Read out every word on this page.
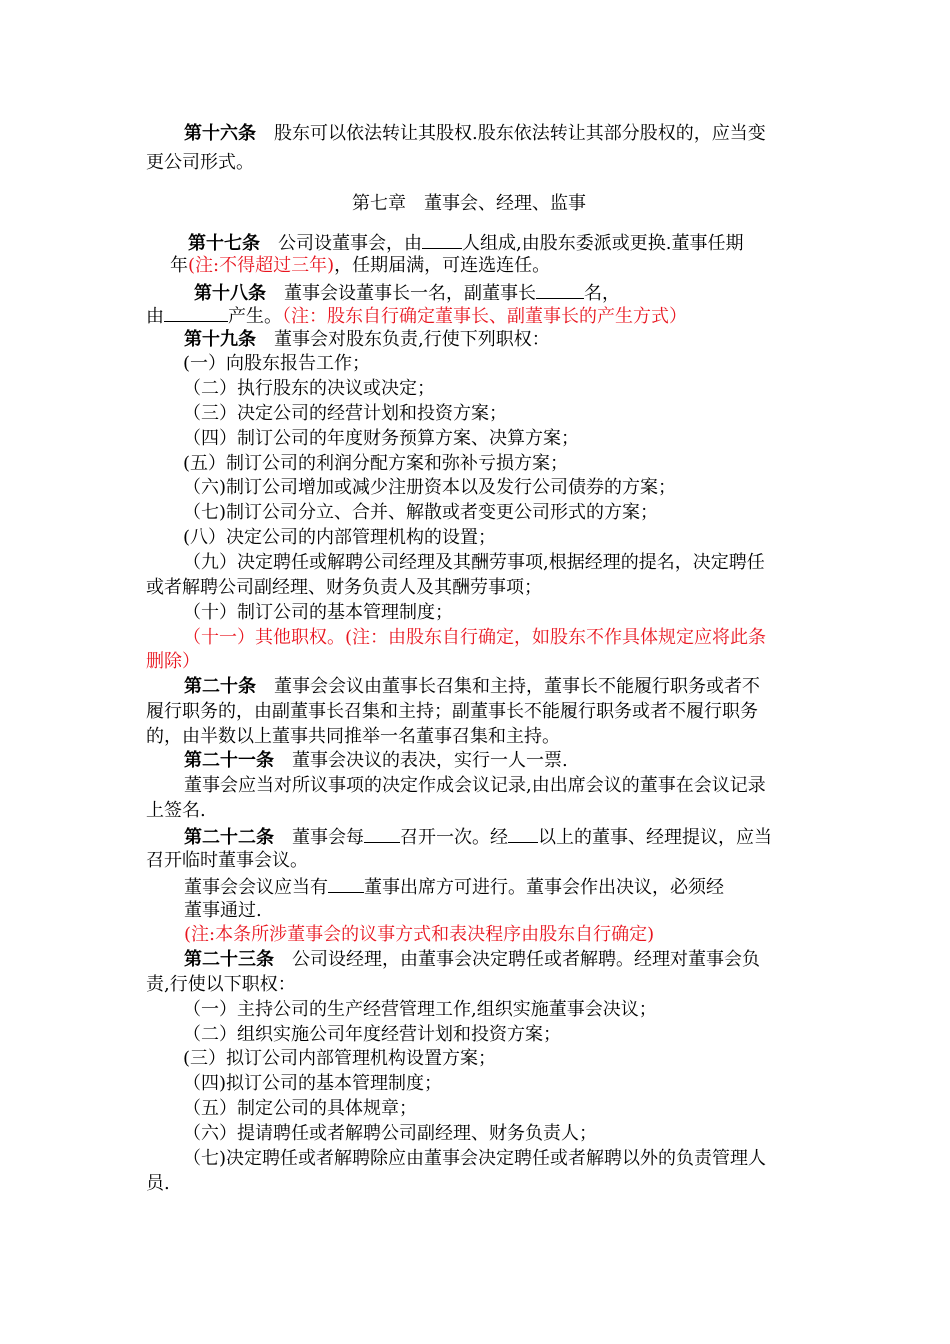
第十六条 股东可以依法转让其股权.股东依法转让其部分股权的，应当变
更公司形式。
第七章　董事会、经理、监事
第十七条 公司设董事会，由 人组成,由股东委派或更换.董事任期
年(注:不得超过三年)，任期届满，可连选连任。
第十八条 董事会设董事长一名，副董事长	名，
由	产生。（注：股东自行确定董事长、副董事长的产生方式）
第十九条 董事会对股东负责,行使下列职权：
(一）向股东报告工作；
（二）执行股东的决议或决定；
（三）决定公司的经营计划和投资方案；
（四）制订公司的年度财务预算方案、决算方案；
(五）制订公司的利润分配方案和弥补亏损方案；
（六)制订公司增加或减少注册资本以及发行公司债券的方案；
（七)制订公司分立、合并、解散或者变更公司形式的方案；
(八）决定公司的内部管理机构的设置；
（九）决定聘任或解聘公司经理及其酬劳事项,根据经理的提名，决定聘任
或者解聘公司副经理、财务负责人及其酬劳事项；
（十）制订公司的基本管理制度；
（十一）其他职权。(注：由股东自行确定，如股东不作具体规定应将此条
删除）
第二十条 董事会会议由董事长召集和主持，董事长不能履行职务或者不
履行职务的，由副董事长召集和主持；副董事长不能履行职务或者不履行职务
的，由半数以上董事共同推举一名董事召集和主持。
第二十一条 董事会决议的表决，实行一人一票.
董事会应当对所议事项的决定作成会议记录,由出席会议的董事在会议记录
上签名.
第二十二条 董事会每 召开一次。经 以上的董事、经理提议，应当
召开临时董事会议。
董事会会议应当有 董事出席方可进行。董事会作出决议，必须经
董事通过.
(注:本条所涉董事会的议事方式和表决程序由股东自行确定)
第二十三条 公司设经理，由董事会决定聘任或者解聘。经理对董事会负
责,行使以下职权：
（一）主持公司的生产经营管理工作,组织实施董事会决议；
（二）组织实施公司年度经营计划和投资方案；
(三）拟订公司内部管理机构设置方案；
（四)拟订公司的基本管理制度；
（五）制定公司的具体规章；
（六）提请聘任或者解聘公司副经理、财务负责人；
（七)决定聘任或者解聘除应由董事会决定聘任或者解聘以外的负责管理人
员.
